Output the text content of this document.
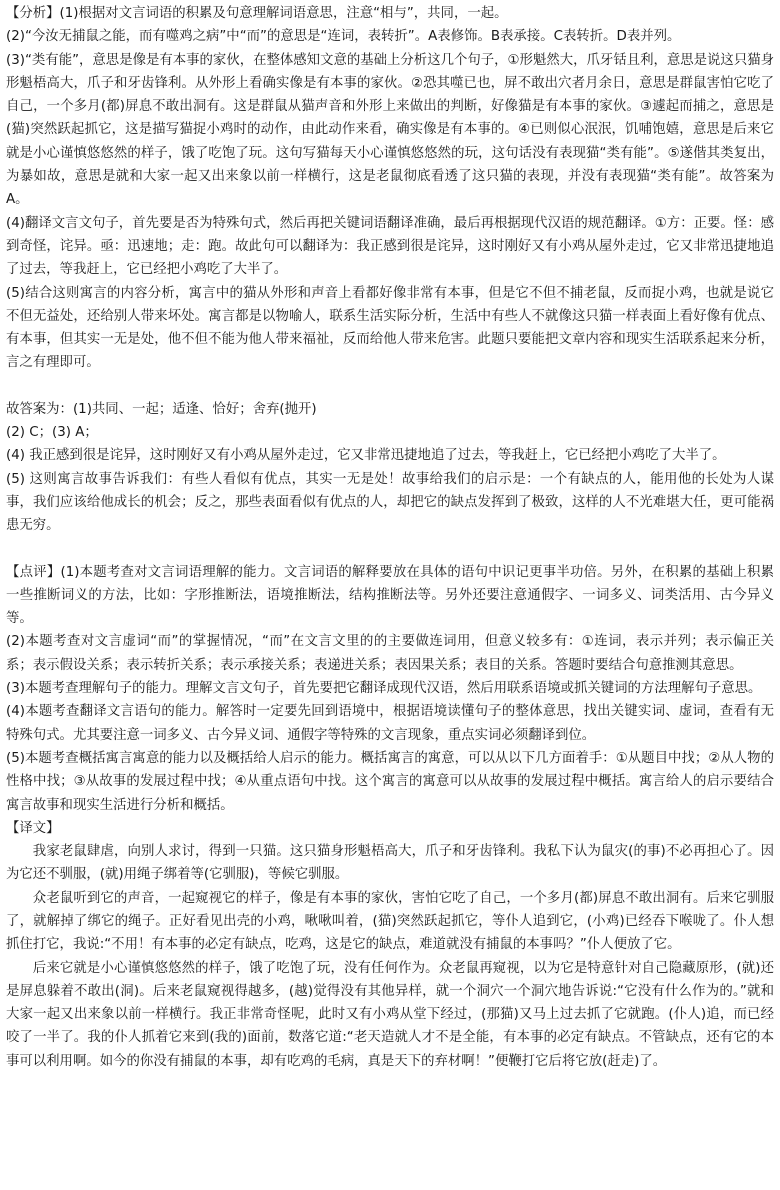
【分析】(1)根据对文言词语的积累及句意理解词语意思，注意“相与”，共同，一起。

(2)“今汝无捕鼠之能，而有噬鸡之病”中“而”的意思是“连词，表转折”。A表修饰。B表承接。C表转折。D表并列。

(3)“类有能”，意思是像是有本事的家伙，在整体感知文意的基础上分析这几个句子，①形魁然大，爪牙铦且利，意思是说这只猫身形魁梧高大，爪子和牙齿锋利。从外形上看确实像是有本事的家伙。②恐其噬已也，屏不敢出穴者月余日，意思是群鼠害怕它吃了自己，一个多月(都)屏息不敢出洞有。这是群鼠从猫声音和外形上来做出的判断，好像猫是有本事的家伙。③遽起而捕之，意思是(猫)突然跃起抓它，这是描写猫捉小鸡时的动作，由此动作来看，确实像是有本事的。④已则似心泯泯，饥哺饱嬉，意思是后来它就是小心谨慎悠悠然的样子，饿了吃饱了玩。这句写猫每天小心谨慎悠悠然的玩，这句话没有表现猫“类有能”。⑤遂偕其类复出，为暴如故，意思是就和大家一起又出来象以前一样横行，这是老鼠彻底看透了这只猫的表现，并没有表现猫“类有能”。故答案为A。

(4)翻译文言文句子，首先要是否为特殊句式，然后再把关键词语翻译准确，最后再根据现代汉语的规范翻译。①方：正要。怪：感到奇怪，诧异。亟：迅速地；走：跑。故此句可以翻译为：我正感到很是诧异，这时刚好又有小鸡从屋外走过，它又非常迅捷地追了过去，等我赶上，它已经把小鸡吃了大半了。

(5)结合这则寓言的内容分析，寓言中的猫从外形和声音上看都好像非常有本事，但是它不但不捕老鼠，反而捉小鸡，也就是说它不但无益处，还给别人带来坏处。寓言都是以物喻人，联系生活实际分析，生活中有些人不就像这只猫一样表面上看好像有优点、有本事，但其实一无是处，他不但不能为他人带来福祉，反而给他人带来危害。此题只要能把文章内容和现实生活联系起来分析，言之有理即可。

故答案为：(1)共同、一起；适逢、恰好；舍弃(抛开)

(2) C；(3) A；

(4) 我正感到很是诧异，这时刚好又有小鸡从屋外走过，它又非常迅捷地追了过去，等我赶上，它已经把小鸡吃了大半了。

(5) 这则寓言故事告诉我们：有些人看似有优点，其实一无是处！故事给我们的启示是：一个有缺点的人，能用他的长处为人谋事，我们应该给他成长的机会；反之，那些表面看似有优点的人，却把它的缺点发挥到了极致，这样的人不光难堪大任，更可能祸患无穷。

【点评】(1)本题考查对文言词语理解的能力。文言词语的解释要放在具体的语句中识记更事半功倍。另外，在积累的基础上积累一些推断词义的方法，比如：字形推断法，语境推断法，结构推断法等。另外还要注意通假字、一词多义、词类活用、古今异义等。

(2)本题考查对文言虚词“而”的掌握情况，“而”在文言文里的的主要做连词用，但意义较多有：①连词，表示并列；表示偏正关系；表示假设关系；表示转折关系；表示承接关系；表递进关系；表因果关系；表目的关系。答题时要结合句意推测其意思。

(3)本题考查理解句子的能力。理解文言文句子，首先要把它翻译成现代汉语，然后用联系语境或抓关键词的方法理解句子意思。

(4)本题考查翻译文言语句的能力。解答时一定要先回到语境中，根据语境读懂句子的整体意思，找出关键实词、虚词，查看有无特殊句式。尤其要注意一词多义、古今异义词、通假字等特殊的文言现象，重点实词必须翻译到位。

(5)本题考查概括寓言寓意的能力以及概括给人启示的能力。概括寓言的寓意，可以从以下几方面着手：①从题目中找；②从人物的性格中找；③从故事的发展过程中找；④从重点语句中找。这个寓言的寓意可以从故事的发展过程中概括。寓言给人的启示要结合寓言故事和现实生活进行分析和概括。

【译文】

我家老鼠肆虐，向别人求讨，得到一只猫。这只猫身形魁梧高大，爪子和牙齿锋利。我私下认为鼠灾(的事)不必再担心了。因为它还不驯服，(就)用绳子绑着等(它驯服)，等候它驯服。

众老鼠听到它的声音，一起窥视它的样子，像是有本事的家伙，害怕它吃了自己，一个多月(都)屏息不敢出洞有。后来它驯服了，就解掉了绑它的绳子。正好看见出壳的小鸡，啾啾叫着，(猫)突然跃起抓它，等仆人追到它，(小鸡)已经吞下喉咙了。仆人想抓住打它，我说:“不用！有本事的必定有缺点，吃鸡，这是它的缺点，难道就没有捕鼠的本事吗？”仆人便放了它。

后来它就是小心谨慎悠悠然的样子，饿了吃饱了玩，没有任何作为。众老鼠再窥视，以为它是特意针对自己隐藏原形，(就)还是屏息躲着不敢出(洞)。后来老鼠窥视得越多，(越)觉得没有其他异样，就一个洞穴一个洞穴地告诉说:“它没有什么作为的。”就和大家一起又出来象以前一样横行。我正非常奇怪呢，此时又有小鸡从堂下经过，(那猫)又马上过去抓了它就跑。(仆人)追，而已经咬了一半了。我的仆人抓着它来到(我的)面前，数落它道:“老天造就人才不是全能，有本事的必定有缺点。不管缺点，还有它的本事可以利用啊。如今的你没有捕鼠的本事，却有吃鸡的毛病，真是天下的弃材啊！”便鞭打它后将它放(赶走)了。
